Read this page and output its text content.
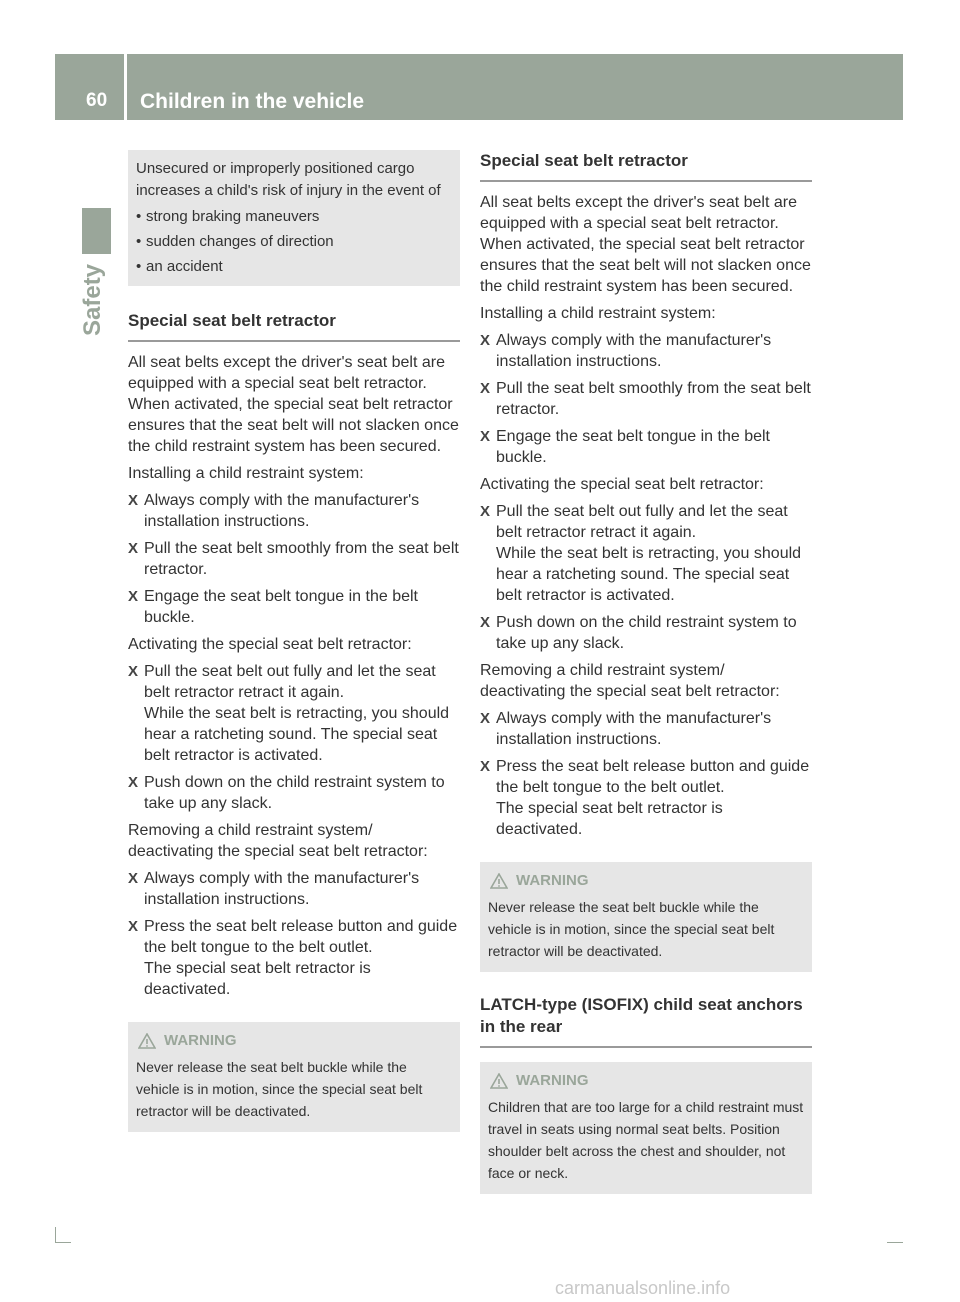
60 Children in the vehicle
Safety

Unsecured or improperly positioned cargo increases a child's risk of injury in the event of

• strong braking maneuvers
• sudden changes of direction
• an accident
Special seat belt retractor

All seat belts except the driver's seat belt are equipped with a special seat belt retractor. When activated, the special seat belt retractor ensures that the seat belt will not slacken once the child restraint system has been secured.

Installing a child restraint system:

X Always comply with the manufacturer's installation instructions.
X Pull the seat belt smoothly from the seat belt retractor.
X Engage the seat belt tongue in the belt buckle.

Activating the special seat belt retractor:

X Pull the seat belt out fully and let the seat belt retractor retract it again.
While the seat belt is retracting, you should hear a ratcheting sound. The special seat belt retractor is activated.
X Push down on the child restraint system to take up any slack.

Removing a child restraint system/ deactivating the special seat belt retractor:

X Always comply with the manufacturer's installation instructions.
X Press the seat belt release button and guide the belt tongue to the belt outlet.
The special seat belt retractor is deactivated.
WARNING

Never release the seat belt buckle while the vehicle is in motion, since the special seat belt retractor will be deactivated.

Special seat belt retractor

All seat belts except the driver's seat belt are equipped with a special seat belt retractor. When activated, the special seat belt retractor ensures that the seat belt will not slacken once the child restraint system has been secured.

Installing a child restraint system:

X Always comply with the manufacturer's installation instructions.
X Pull the seat belt smoothly from the seat belt retractor.
X Engage the seat belt tongue in the belt buckle.

Activating the special seat belt retractor:

X Pull the seat belt out fully and let the seat belt retractor retract it again.
While the seat belt is retracting, you should hear a ratcheting sound. The special seat belt retractor is activated.
X Push down on the child restraint system to take up any slack.

Removing a child restraint system/ deactivating the special seat belt retractor:

X Always comply with the manufacturer's installation instructions.
X Press the seat belt release button and guide the belt tongue to the belt outlet.
The special seat belt retractor is deactivated.
WARNING

Never release the seat belt buckle while the vehicle is in motion, since the special seat belt retractor will be deactivated.

LATCH-type (ISOFIX) child seat anchors in the rear
WARNING

Children that are too large for a child restraint must travel in seats using normal seat belts. Position shoulder belt across the chest and shoulder, not face or neck.

carmanualsonline.info
